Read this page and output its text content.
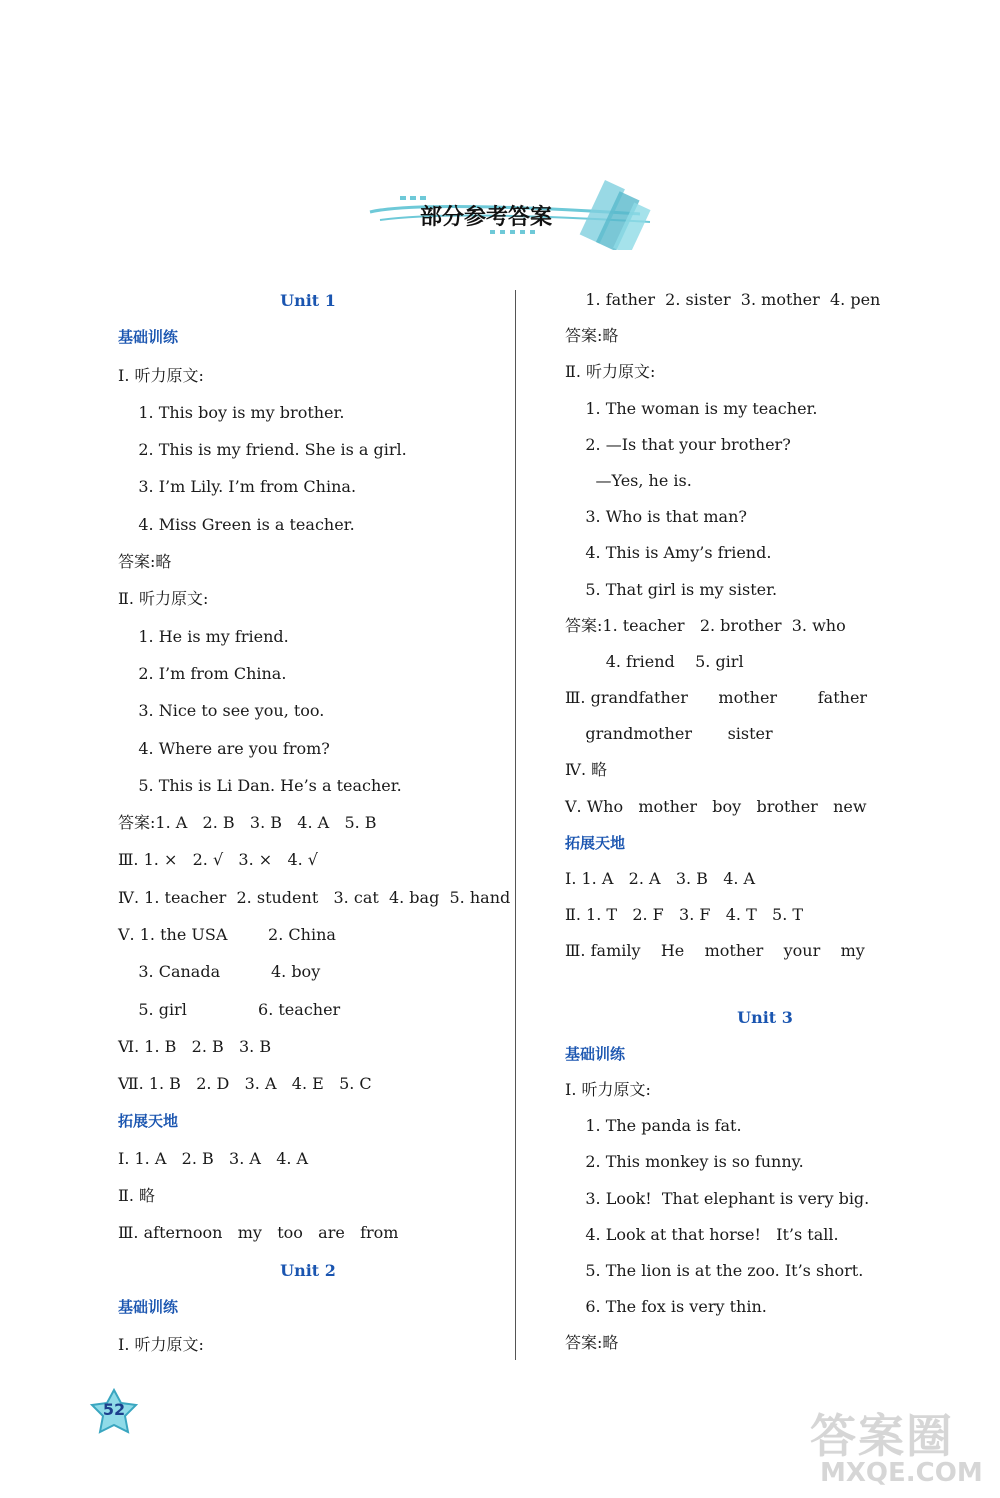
部分参考答案
Unit 1
基础训练
Ⅰ. 听力原文:
1. This boy is my brother.
2. This is my friend. She is a girl.
3. I’m Lily. I’m from China.
4. Miss Green is a teacher.
答案:略
Ⅱ. 听力原文:
1. He is my friend.
2. I’m from China.
3. Nice to see you, too.
4. Where are you from?
5. This is Li Dan. He’s a teacher.
答案:1. A   2. B   3. B   4. A   5. B
Ⅲ. 1. ×   2. √   3. ×   4. √
Ⅳ. 1. teacher  2. student   3. cat  4. bag  5. hand
Ⅴ. 1. the USA        2. China
3. Canada          4. boy
5. girl              6. teacher
Ⅵ. 1. B   2. B   3. B
Ⅶ. 1. B   2. D   3. A   4. E   5. C
拓展天地
Ⅰ. 1. A   2. B   3. A   4. A
Ⅱ. 略
Ⅲ. afternoon   my   too   are   from
Unit 2
基础训练
Ⅰ. 听力原文:
1. father  2. sister  3. mother  4. pen
答案:略
Ⅱ. 听力原文:
1. The woman is my teacher.
2. —Is that your brother?
—Yes, he is.
3. Who is that man?
4. This is Amy’s friend.
5. That girl is my sister.
答案:1. teacher   2. brother  3. who
4. friend    5. girl
Ⅲ. grandfather      mother        father
grandmother       sister
Ⅳ. 略
Ⅴ. Who   mother   boy   brother   new
拓展天地
Ⅰ. 1. A   2. A   3. B   4. A
Ⅱ. 1. T   2. F   3. F   4. T   5. T
Ⅲ. family    He    mother    your    my
Unit 3
基础训练
Ⅰ. 听力原文:
1. The panda is fat.
2. This monkey is so funny.
3. Look!  That elephant is very big.
4. Look at that horse!   It’s tall.
5. The lion is at the zoo. It’s short.
6. The fox is very thin.
答案:略
52	答案圈
MXQE.COM
